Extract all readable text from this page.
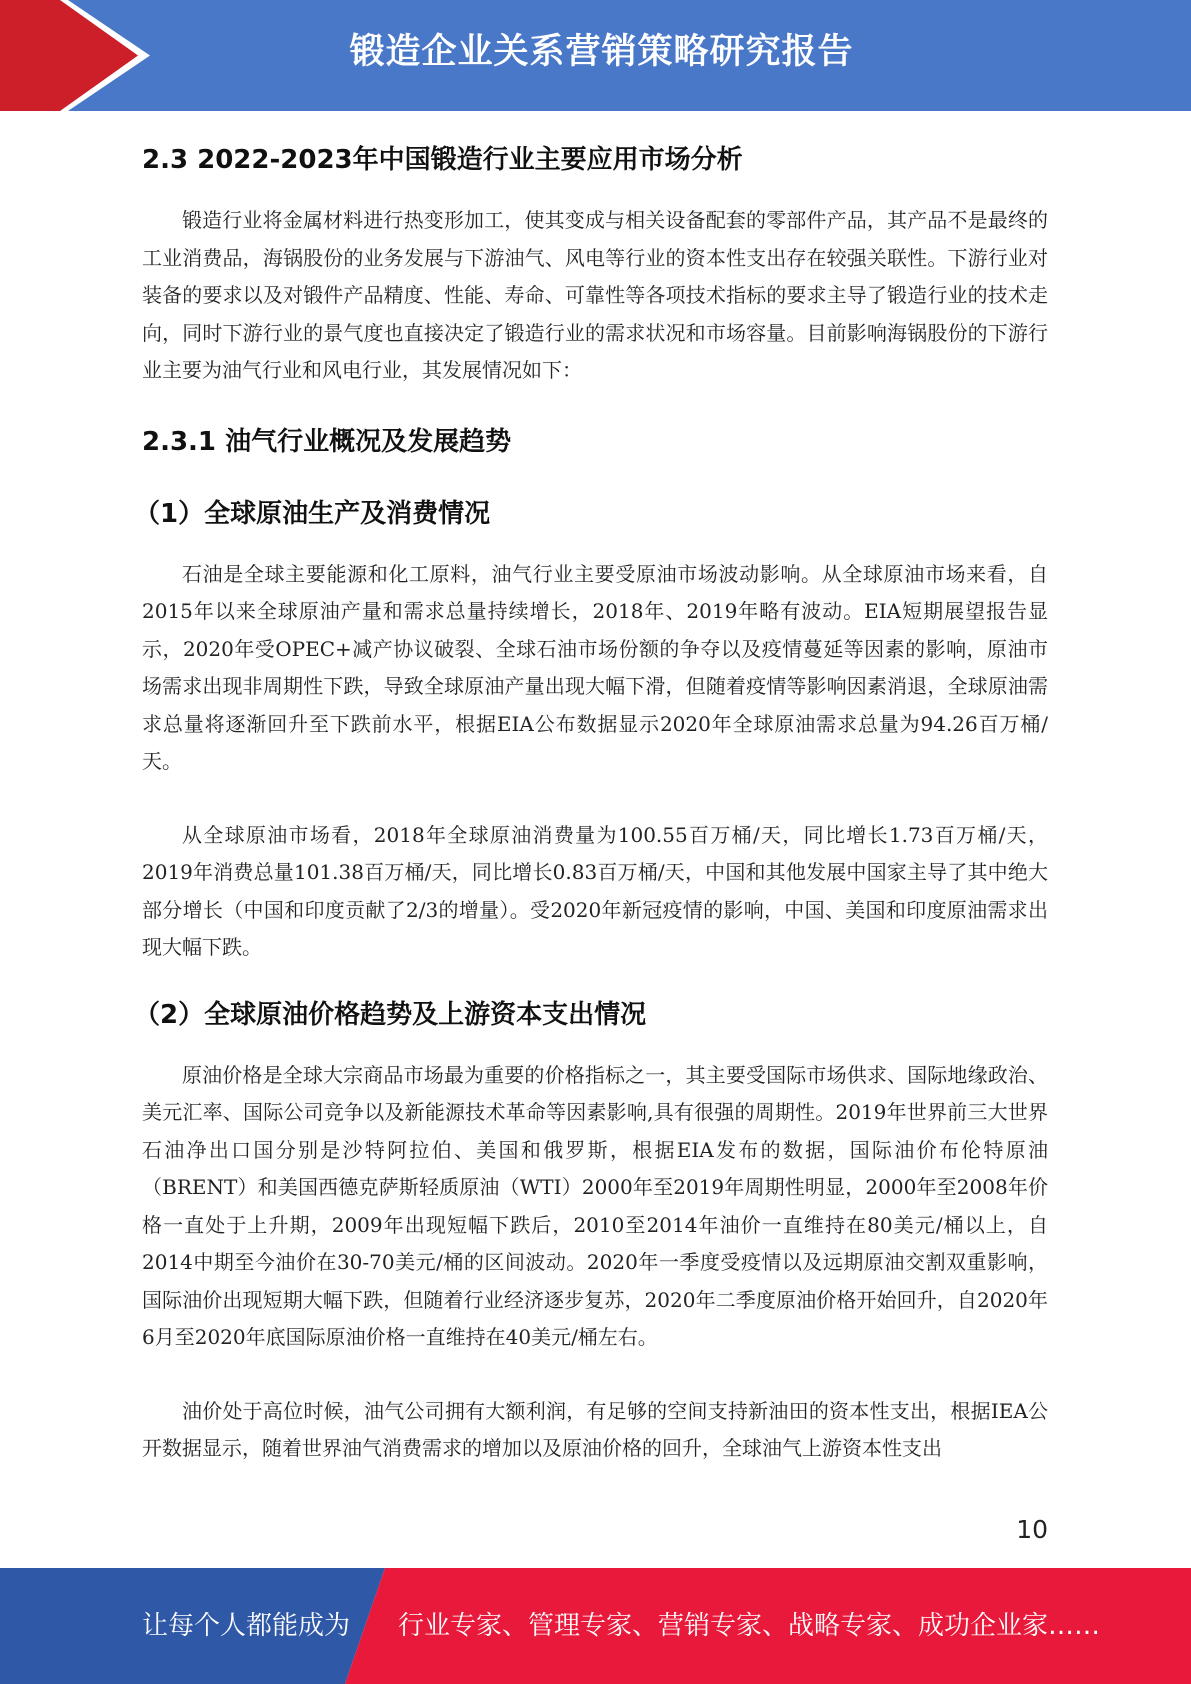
锻造企业关系营销策略研究报告
2.3 2022-2023年中国锻造行业主要应用市场分析

锻造行业将金属材料进行热变形加工，使其变成与相关设备配套的零部件产品，其产品不是最终的工业消费品，海锅股份的业务发展与下游油气、风电等行业的资本性支出存在较强关联性。下游行业对装备的要求以及对锻件产品精度、性能、寿命、可靠性等各项技术指标的要求主导了锻造行业的技术走向，同时下游行业的景气度也直接决定了锻造行业的需求状况和市场容量。目前影响海锅股份的下游行业主要为油气行业和风电行业，其发展情况如下：

2.3.1 油气行业概况及发展趋势
（1）全球原油生产及消费情况

石油是全球主要能源和化工原料，油气行业主要受原油市场波动影响。从全球原油市场来看，自2015年以来全球原油产量和需求总量持续增长，2018年、2019年略有波动。EIA短期展望报告显示，2020年受OPEC+减产协议破裂、全球石油市场份额的争夺以及疫情蔓延等因素的影响，原油市场需求出现非周期性下跌，导致全球原油产量出现大幅下滑，但随着疫情等影响因素消退，全球原油需求总量将逐渐回升至下跌前水平，根据EIA公布数据显示2020年全球原油需求总量为94.26百万桶/天。

从全球原油市场看，2018年全球原油消费量为100.55百万桶/天，同比增长1.73百万桶/天，2019年消费总量101.38百万桶/天，同比增长0.83百万桶/天，中国和其他发展中国家主导了其中绝大部分增长（中国和印度贡献了2/3的增量）。受2020年新冠疫情的影响，中国、美国和印度原油需求出现大幅下跌。

（2）全球原油价格趋势及上游资本支出情况

原油价格是全球大宗商品市场最为重要的价格指标之一，其主要受国际市场供求、国际地缘政治、美元汇率、国际公司竞争以及新能源技术革命等因素影响,具有很强的周期性。2019年世界前三大世界石油净出口国分别是沙特阿拉伯、美国和俄罗斯，根据EIA发布的数据，国际油价布伦特原油（BRENT）和美国西德克萨斯轻质原油（WTI）2000年至2019年周期性明显，2000年至2008年价格一直处于上升期，2009年出现短幅下跌后，2010至2014年油价一直维持在80美元/桶以上，自2014中期至今油价在30-70美元/桶的区间波动。2020年一季度受疫情以及远期原油交割双重影响，国际油价出现短期大幅下跌，但随着行业经济逐步复苏，2020年二季度原油价格开始回升，自2020年6月至2020年底国际原油价格一直维持在40美元/桶左右。

油价处于高位时候，油气公司拥有大额利润，有足够的空间支持新油田的资本性支出，根据IEA公开数据显示，随着世界油气消费需求的增加以及原油价格的回升，全球油气上游资本性支出

10
让每个人都能成为 行业专家、管理专家、营销专家、战略专家、成功企业家……
